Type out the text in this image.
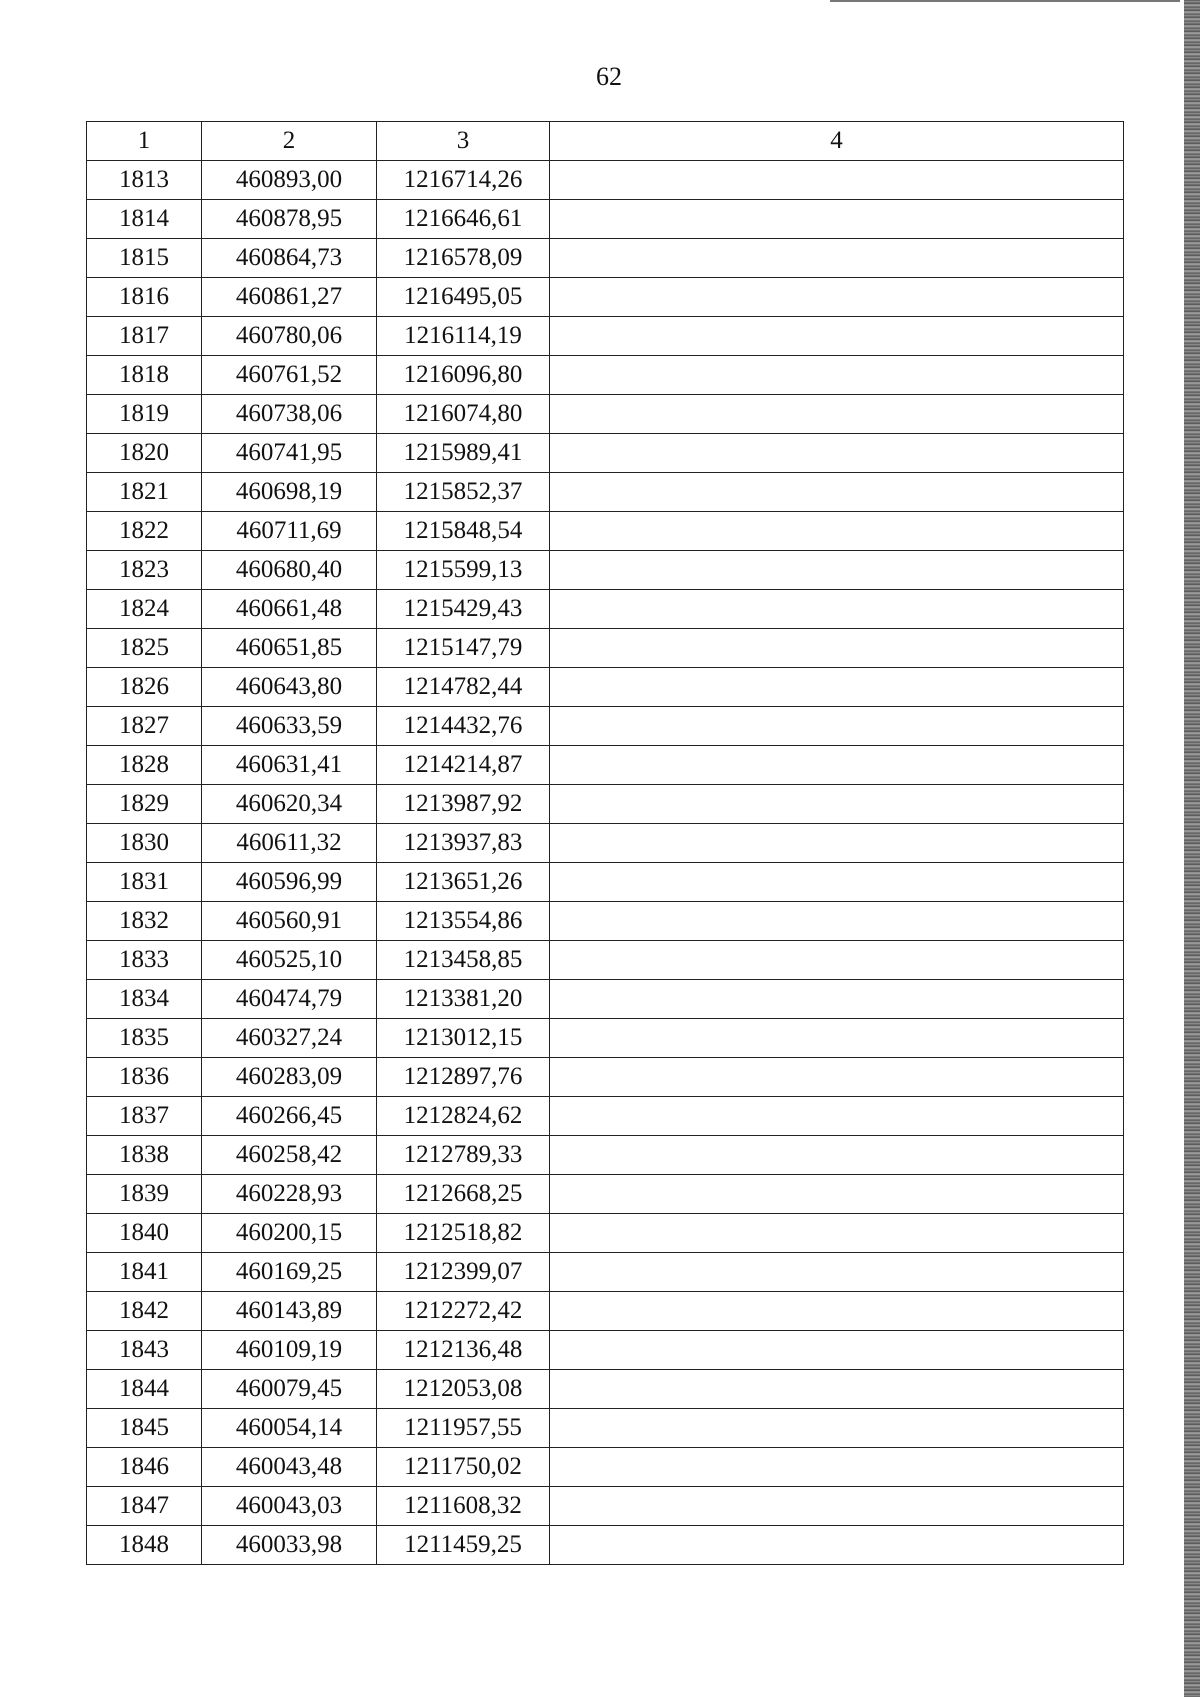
62
1	2	3	4
1813	460893,00	1216714,26	
1814	460878,95	1216646,61	
1815	460864,73	1216578,09	
1816	460861,27	1216495,05	
1817	460780,06	1216114,19	
1818	460761,52	1216096,80	
1819	460738,06	1216074,80	
1820	460741,95	1215989,41	
1821	460698,19	1215852,37	
1822	460711,69	1215848,54	
1823	460680,40	1215599,13	
1824	460661,48	1215429,43	
1825	460651,85	1215147,79	
1826	460643,80	1214782,44	
1827	460633,59	1214432,76	
1828	460631,41	1214214,87	
1829	460620,34	1213987,92	
1830	460611,32	1213937,83	
1831	460596,99	1213651,26	
1832	460560,91	1213554,86	
1833	460525,10	1213458,85	
1834	460474,79	1213381,20	
1835	460327,24	1213012,15	
1836	460283,09	1212897,76	
1837	460266,45	1212824,62	
1838	460258,42	1212789,33	
1839	460228,93	1212668,25	
1840	460200,15	1212518,82	
1841	460169,25	1212399,07	
1842	460143,89	1212272,42	
1843	460109,19	1212136,48	
1844	460079,45	1212053,08	
1845	460054,14	1211957,55	
1846	460043,48	1211750,02	
1847	460043,03	1211608,32	
1848	460033,98	1211459,25	
